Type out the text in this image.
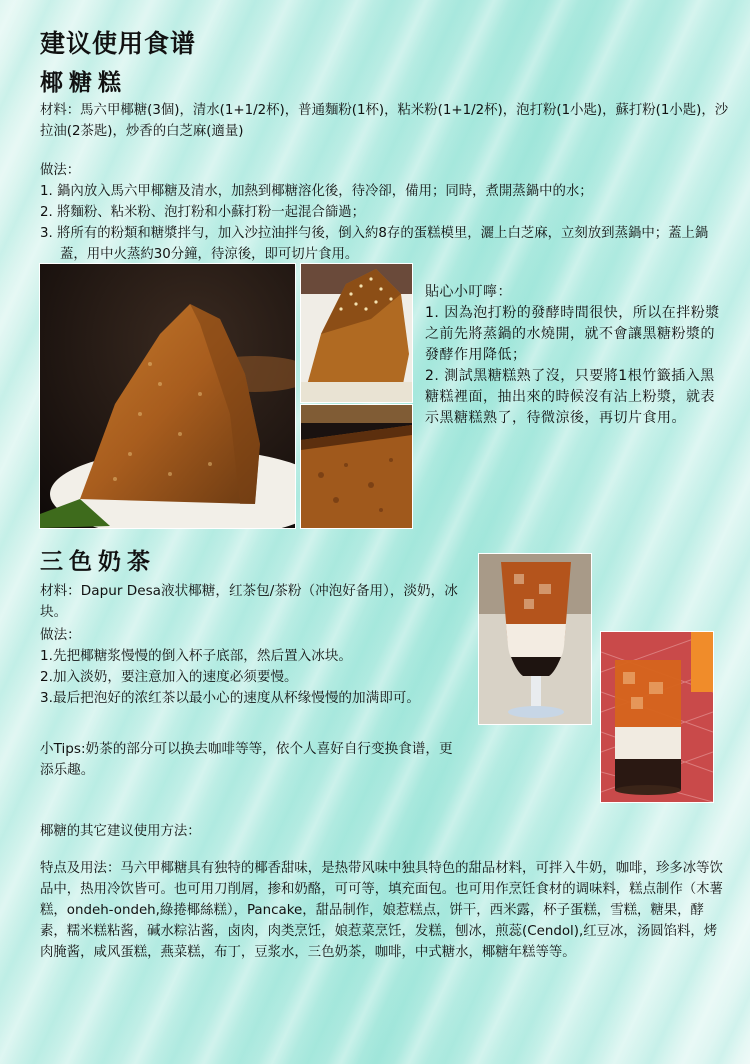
建议使用食谱
椰糖糕
材料：馬六甲椰糖(3個)，清水(1+1/2杯)，普通麵粉(1杯)，粘米粉(1+1/2杯)，泡打粉(1小匙)，蘇打粉(1小匙)，沙拉油(2茶匙)，炒香的白芝麻(適量)
做法：
1. 鍋內放入馬六甲椰糖及清水，加熱到椰糖溶化後，待冷卻，備用；同時，煮開蒸鍋中的水；
2. 將麵粉、粘米粉、泡打粉和小蘇打粉一起混合篩過；
3. 將所有的粉類和糖漿拌勻，加入沙拉油拌勻後，倒入約8存的蛋糕模里，灑上白芝麻，立刻放到蒸鍋中；蓋上鍋蓋，用中火蒸約30分鐘，待涼後，即可切片食用。
貼心小叮嚀：
1. 因為泡打粉的發酵時間很快，所以在拌粉漿之前先將蒸鍋的水燒開，就不會讓黑糖粉漿的發酵作用降低；
2. 測試黑糖糕熟了沒，只要將1根竹籤插入黑糖糕裡面，抽出來的時候沒有沾上粉漿，就表示黑糖糕熟了，待微涼後，再切片食用。
三色奶茶
材料：Dapur Desa液状椰糖，红茶包/茶粉（冲泡好备用），淡奶，冰块。
做法：
1.先把椰糖浆慢慢的倒入杯子底部，然后置入冰块。
2.加入淡奶，要注意加入的速度必须要慢。
3.最后把泡好的浓红茶以最小心的速度从杯缘慢慢的加满即可。
小Tips:奶茶的部分可以换去咖啡等等，依个人喜好自行变换食谱，更添乐趣。
椰糖的其它建议使用方法：
特点及用法：马六甲椰糖具有独特的椰香甜味，是热带风味中独具特色的甜品材料，可拌入牛奶，咖啡，珍多冰等饮品中，热用冷饮皆可。也可用刀削屑，掺和奶酪，可可等，填充面包。也可用作烹饪食材的调味料，糕点制作（木薯糕，ondeh-ondeh,綠捲椰絲糕），Pancake，甜品制作，娘惹糕点，饼干，西米露，杯子蛋糕，雪糕，糖果，酵素，糯米糕粘酱，碱水粽沾酱，卤肉，肉类烹饪，娘惹菜烹饪，发糕，刨冰，煎蕊(Cendol),红豆冰，汤圆馅料，烤肉腌酱，咸风蛋糕，燕菜糕，布丁，豆浆水，三色奶茶，咖啡，中式糖水，椰糖年糕等等。
